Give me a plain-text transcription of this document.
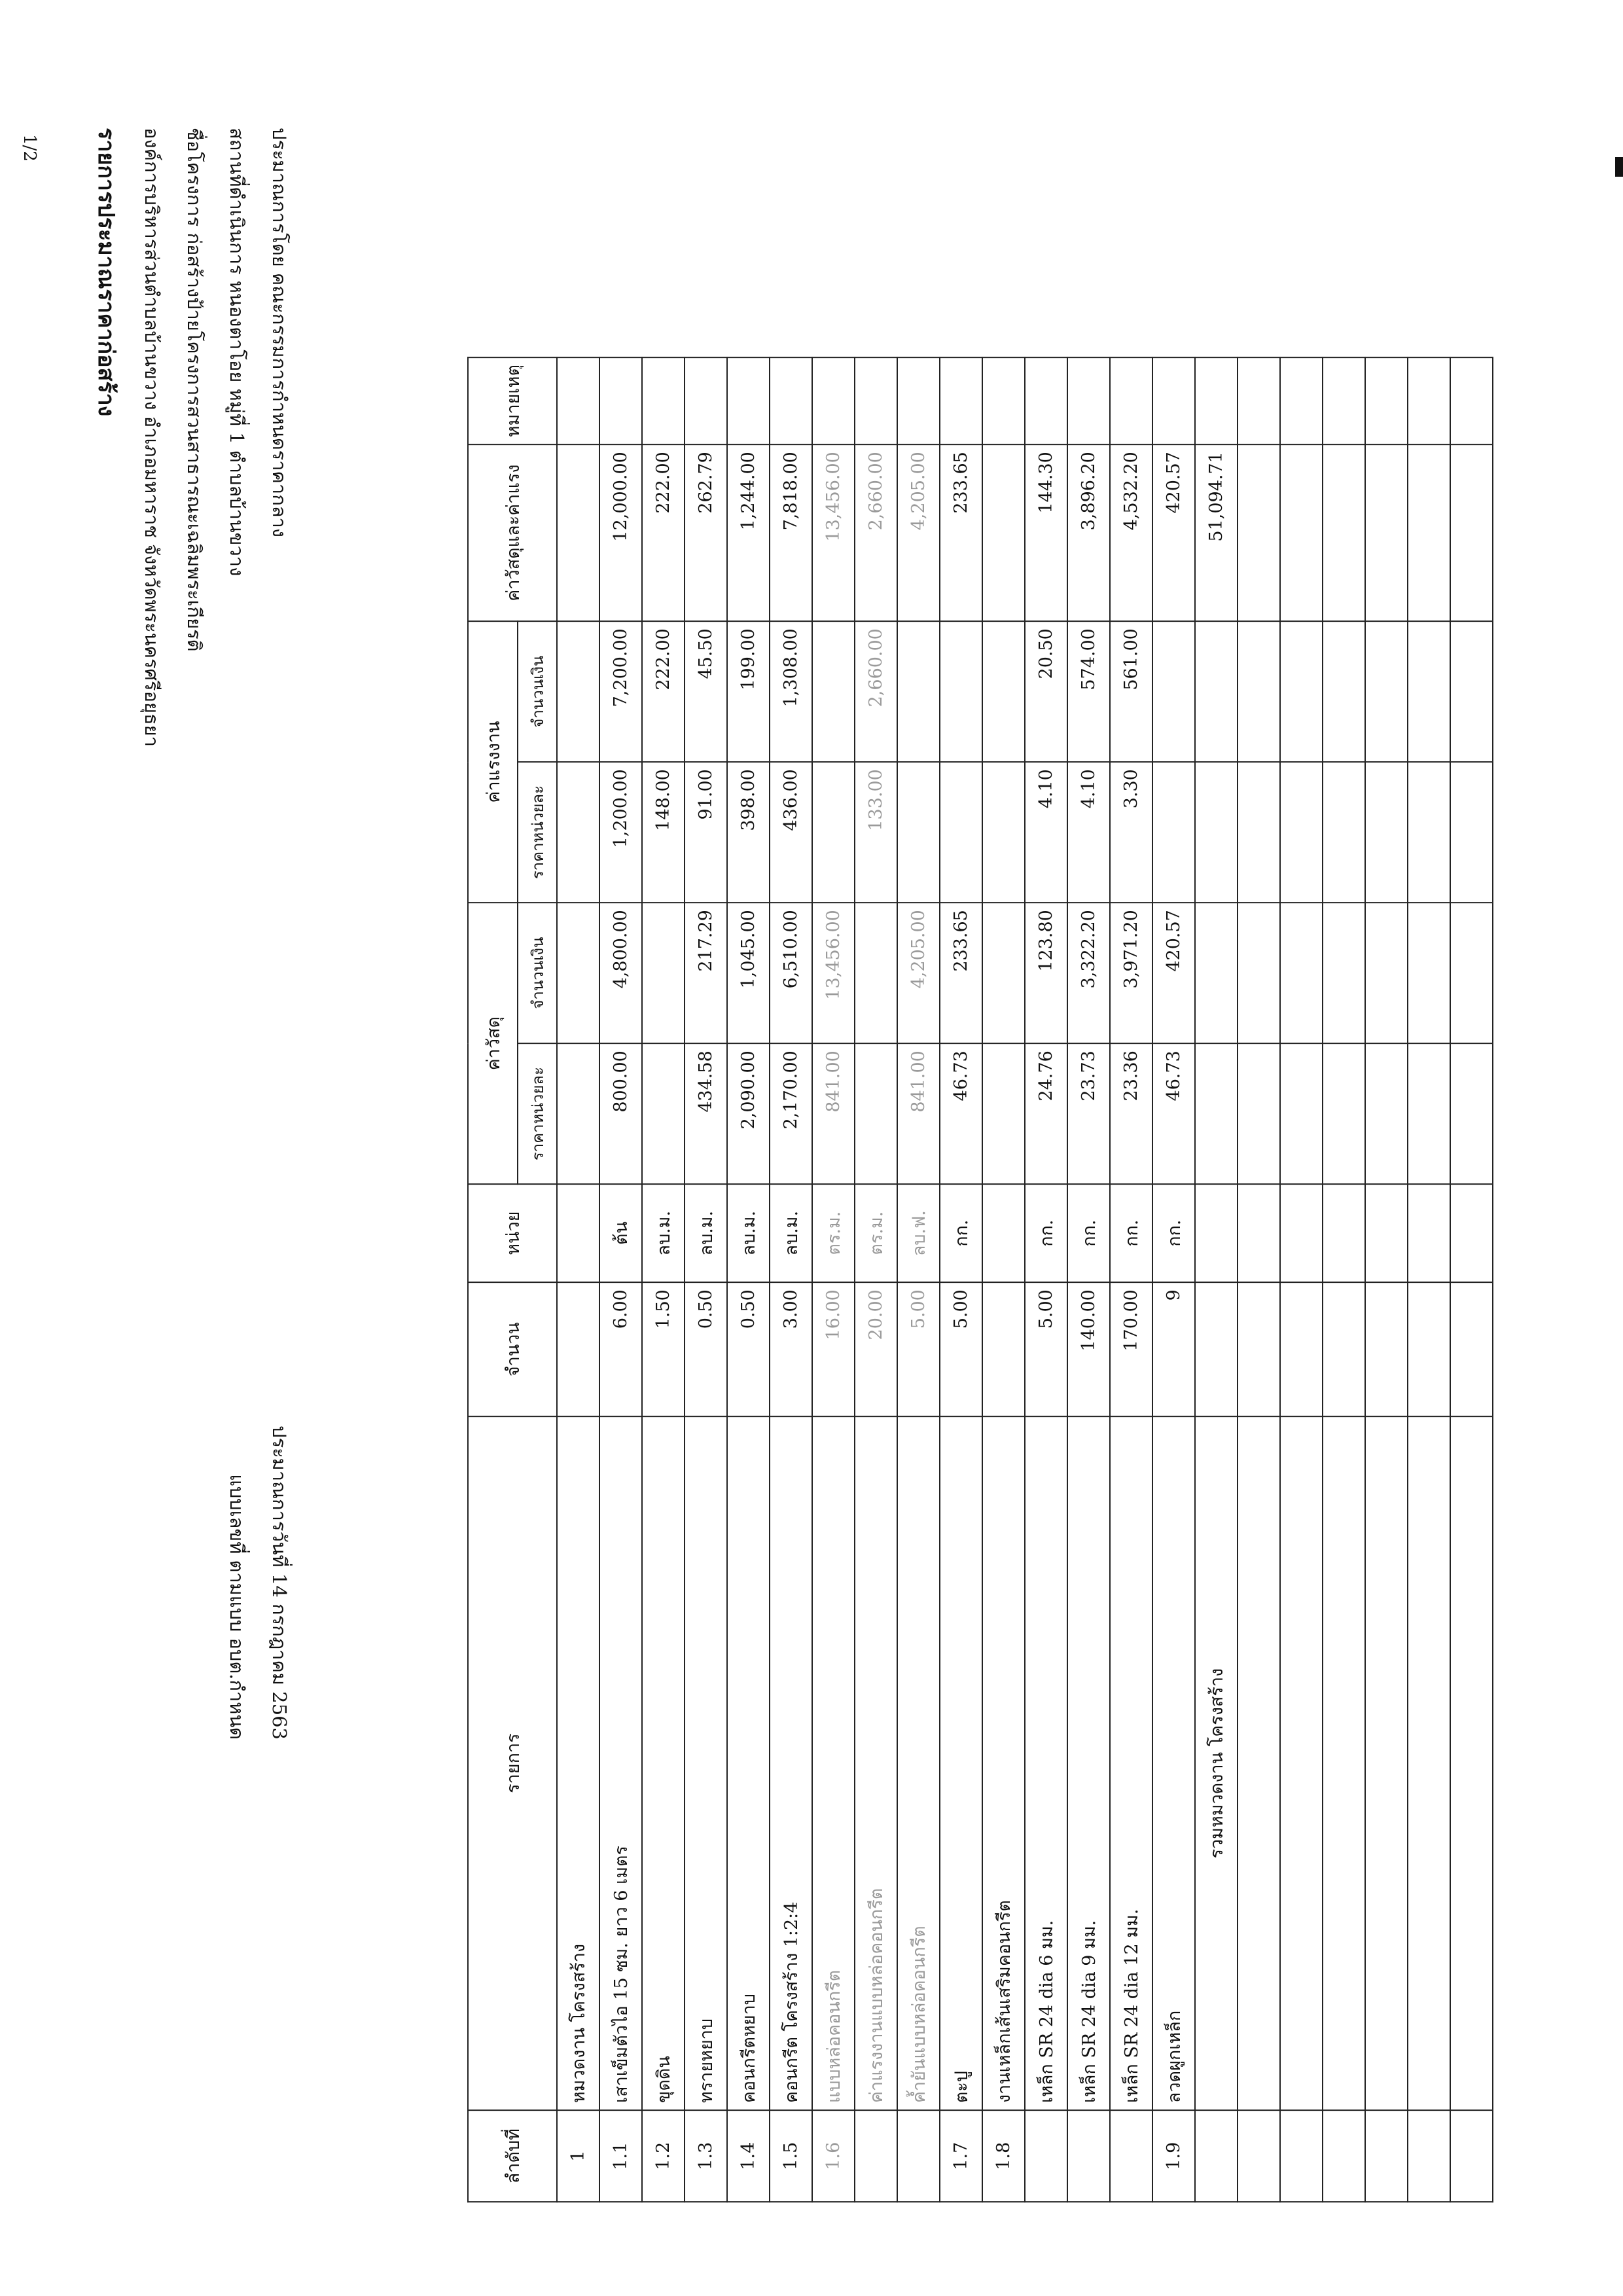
1/2 รายการประมาณราคาก่อสร้าง องค์การบริหารส่วนตำบลบ้านขวาง อำเภอมหาราช จังหวัดพระนครศรีอยุธยา ชื่อโครงการ ก่อสร้างป้ายโครงการสวนสาธารณะเฉลิมพระเกียรติ สถานที่ดำเนินการ หนองตาโอย หมู่ที่ 1 ตำบลบ้านขวาง ประมาณการโดย คณะกรรมการกำหนดราคากลาง
แบบเลขที่ ตามแบบ อบต.กำหนด ประมาณการวันที่ 14 กรกฎาคม 2563
ลำดับที่	รายการ	จำนวน	หน่วย	ค่าวัสดุ		ค่าแรงงาน		ค่าวัสดุและค่าแรง	หมายเหตุ
				ราคาหน่วยละ	จำนวนเงิน	ราคาหน่วยละ	จำนวนเงิน		
1	หมวดงาน โครงสร้าง								
1.1	เสาเข็มตัวไอ 15 ซม. ยาว 6 เมตร	6.00	ต้น	800.00	4,800.00	1,200.00	7,200.00	12,000.00	
1.2	ขุดดิน	1.50	ลบ.ม.			148.00	222.00	222.00	
1.3	ทรายหยาบ	0.50	ลบ.ม.	434.58	217.29	91.00	45.50	262.79	
1.4	คอนกรีตหยาบ	0.50	ลบ.ม.	2,090.00	1,045.00	398.00	199.00	1,244.00	
1.5	คอนกรีต โครงสร้าง 1:2:4	3.00	ลบ.ม.	2,170.00	6,510.00	436.00	1,308.00	7,818.00	
1.6	แบบหล่อคอนกรีต	16.00	ตร.ม.	841.00	13,456.00			13,456.00	
	ค่าแรงงานแบบหล่อคอนกรีต	20.00	ตร.ม.			133.00	2,660.00	2,660.00	
	ค้ำยันแบบหล่อคอนกรีต	5.00	ลบ.ฟ.	841.00	4,205.00			4,205.00	
1.7	ตะปู	5.00	กก.	46.73	233.65			233.65	
1.8	งานเหล็กเส้นเสริมคอนกรีต								
	เหล็ก SR 24 dia 6 มม.	5.00	กก.	24.76	123.80	4.10	20.50	144.30	
	เหล็ก SR 24 dia 9 มม.	140.00	กก.	23.73	3,322.20	4.10	574.00	3,896.20	
	เหล็ก SR 24 dia 12 มม.	170.00	กก.	23.36	3,971.20	3.30	561.00	4,532.20	
1.9	ลวดผูกเหล็ก	9	กก.	46.73	420.57			420.57	
	รวมหมวดงาน โครงสร้าง							51,094.71	
